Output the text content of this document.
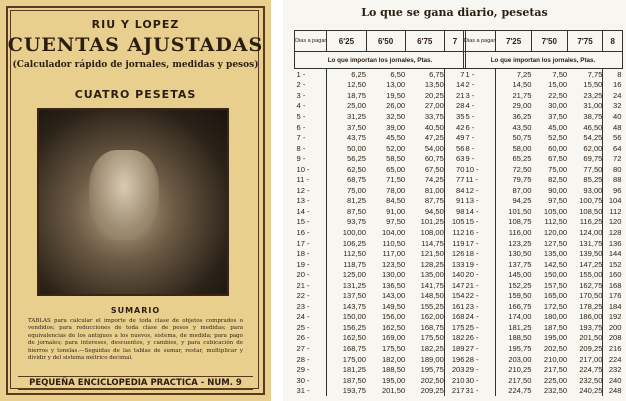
RIU Y LOPEZ
CUENTAS AJUSTADAS
(Calculador rápido de jornales, medidas y pesos)
CUATRO PESETAS
SUMARIO
TABLAS para calcular el importe de toda clase de objetos comprados o vendidos; para reducciones de toda clase de pesos y medidas; para equivalencias de los antiguos a los nuevos, sistema, de medida; para pago de jornales; para intereses, descuentos, y cambios, y para cubicación de hierros y tonelas.—Seguidas de las tablas de sumar, restar, multiplicar y dividir y del sistema métrico decimal.
PEQUEÑA ENCICLOPEDIA PRACTICA - NUM. 9
Lo que se gana diario, pesetas
Dias a pagar	6'25	6'50	6'75	7
Lo que importan los jornales, Ptas.				
1 -	6,25	6,50	6,75	7
2 -	12,50	13,00	13,50	14
3 -	18,75	19,50	20,25	21
4 -	25,00	26,00	27,00	28
5 -	31,25	32,50	33,75	35
6 -	37,50	39,00	40,50	42
7 -	43,75	45,50	47,25	49
8 -	50,00	52,00	54,00	56
9 -	56,25	58,50	60,75	63
10 -	62,50	65,00	67,50	70
11 -	68,75	71,50	74,25	77
12 -	75,00	78,00	81,00	84
13 -	81,25	84,50	87,75	91
14 -	87,50	91,00	94,50	98
15 -	93,75	97,50	101,25	105
16 -	100,00	104,00	108,00	112
17 -	106,25	110,50	114,75	119
18 -	112,50	117,00	121,50	126
19 -	118,75	123,50	128,25	133
20 -	125,00	130,00	135,00	140
21 -	131,25	136,50	141,75	147
22 -	137,50	143,00	148,50	154
23 -	143,75	149,50	155,25	161
24 -	150,00	156,00	162,00	168
25 -	156,25	162,50	168,75	175
26 -	162,50	169,00	175,50	182
27 -	168,75	175,50	182,25	189
28 -	175,00	182,00	189,00	196
29 -	181,25	188,50	195,75	203
30 -	187,50	195,00	202,50	210
31 -	193,75	201,50	209,25	217
Dias a pagar	7'25	7'50	7'75	8
Lo que importan los jornales, Ptas.				
1 -	7,25	7,50	7,75	8
2 -	14,50	15,00	15,50	16
3 -	21,75	22,50	23,25	24
4 -	29,00	30,00	31,00	32
5 -	36,25	37,50	38,75	40
6 -	43,50	45,00	46,50	48
7 -	50,75	52,50	54,25	56
8 -	58,00	60,00	62,00	64
9 -	65,25	67,50	69,75	72
10 -	72,50	75,00	77,50	80
11 -	79,75	82,50	85,25	88
12 -	87,00	90,00	93,00	96
13 -	94,25	97,50	100,75	104
14 -	101,50	105,00	108,50	112
15 -	108,75	112,50	116,25	120
16 -	116,00	120,00	124,00	128
17 -	123,25	127,50	131,75	136
18 -	130,50	135,00	139,50	144
19 -	137,75	142,50	147,25	152
20 -	145,00	150,00	155,00	160
21 -	152,25	157,50	162,75	168
22 -	159,50	165,00	170,50	176
23 -	166,75	172,50	178,25	184
24 -	174,00	180,00	186,00	192
25 -	181,25	187,50	193,75	200
26 -	188,50	195,00	201,50	208
27 -	195,75	202,50	209,25	216
28 -	203,00	210,00	217,00	224
29 -	210,25	217,50	224,75	232
30 -	217,50	225,00	232,50	240
31 -	224,75	232,50	240,25	248
